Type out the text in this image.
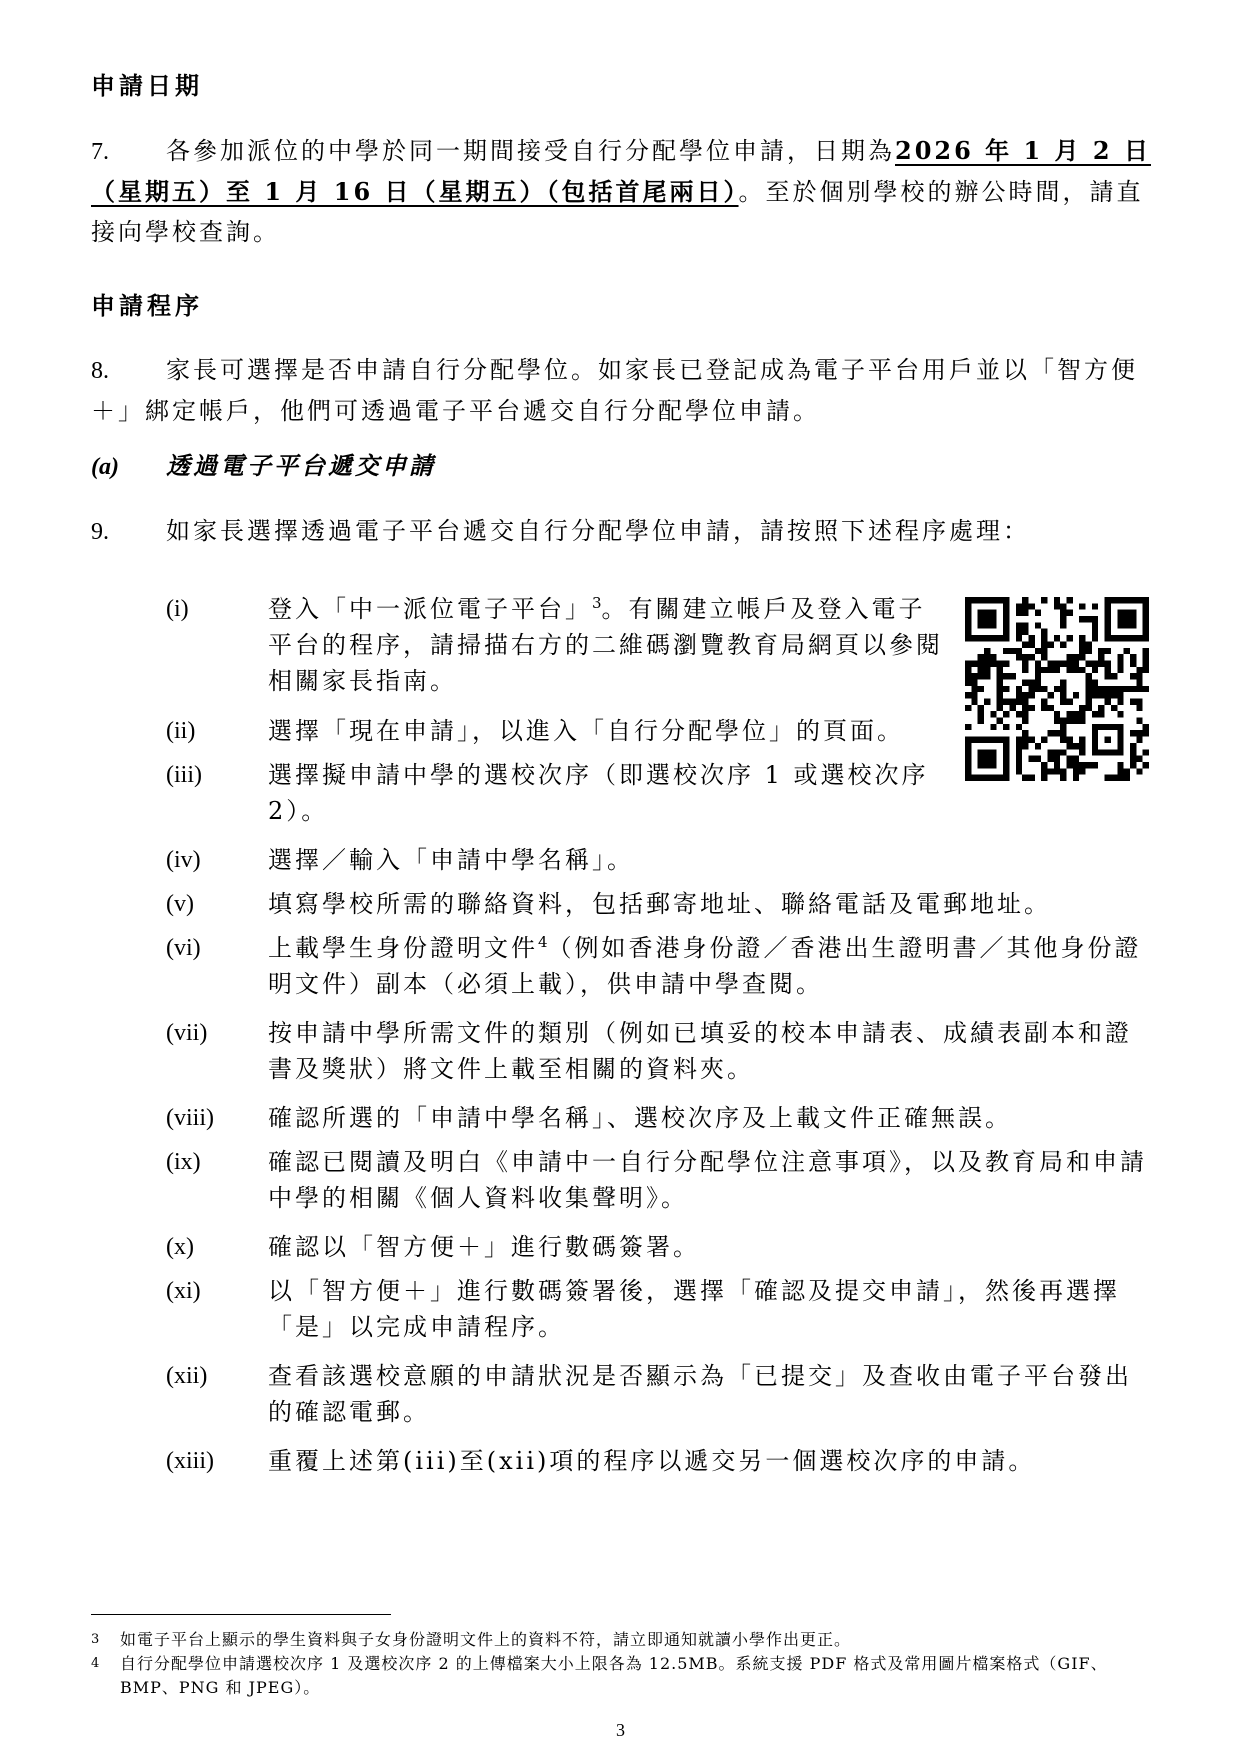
申請日期

7. 各參加派位的中學於同一期間接受自行分配學位申請，日期為2026 年 1 月 2 日（星期五）至 1 月 16 日（星期五）（包括首尾兩日）。至於個別學校的辦公時間，請直接向學校查詢。

申請程序

8. 家長可選擇是否申請自行分配學位。如家長已登記成為電子平台用戶並以「智方便＋」綁定帳戶，他們可透過電子平台遞交自行分配學位申請。

(a) 透過電子平台遞交申請

9. 如家長選擇透過電子平台遞交自行分配學位申請，請按照下述程序處理：

(i)	登入「中一派位電子平台」$^3$。有關建立帳戶及登入電子平台的程序，請掃描右方的二維碼瀏覽教育局網頁以參閱相關家長指南。
(ii)	選擇「現在申請」，以進入「自行分配學位」的頁面。
(iii)	選擇擬申請中學的選校次序（即選校次序 1 或選校次序 2）。
(iv)	選擇／輸入「申請中學名稱」。
(v)	填寫學校所需的聯絡資料，包括郵寄地址、聯絡電話及電郵地址。
(vi)	上載學生身份證明文件$^4$（例如香港身份證／香港出生證明書／其他身份證明文件）副本（必須上載），供申請中學查閱。
(vii)	按申請中學所需文件的類別（例如已填妥的校本申請表、成績表副本和證書及獎狀）將文件上載至相關的資料夾。
(viii)	確認所選的「申請中學名稱」、選校次序及上載文件正確無誤。
(ix)	確認已閱讀及明白《申請中一自行分配學位注意事項》，以及教育局和申請中學的相關《個人資料收集聲明》。
(x)	確認以「智方便＋」進行數碼簽署。
(xi)	以「智方便＋」進行數碼簽署後，選擇「確認及提交申請」，然後再選擇「是」以完成申請程序。
(xii)	查看該選校意願的申請狀況是否顯示為「已提交」及查收由電子平台發出的確認電郵。
(xiii)	重覆上述第(iii)至(xii)項的程序以遞交另一個選校次序的申請。
3	如電子平台上顯示的學生資料與子女身份證明文件上的資料不符，請立即通知就讀小學作出更正。
4	自行分配學位申請選校次序 1 及選校次序 2 的上傳檔案大小上限各為 12.5MB。系統支援 PDF 格式及常用圖片檔案格式（GIF、BMP、PNG 和 JPEG）。
3
